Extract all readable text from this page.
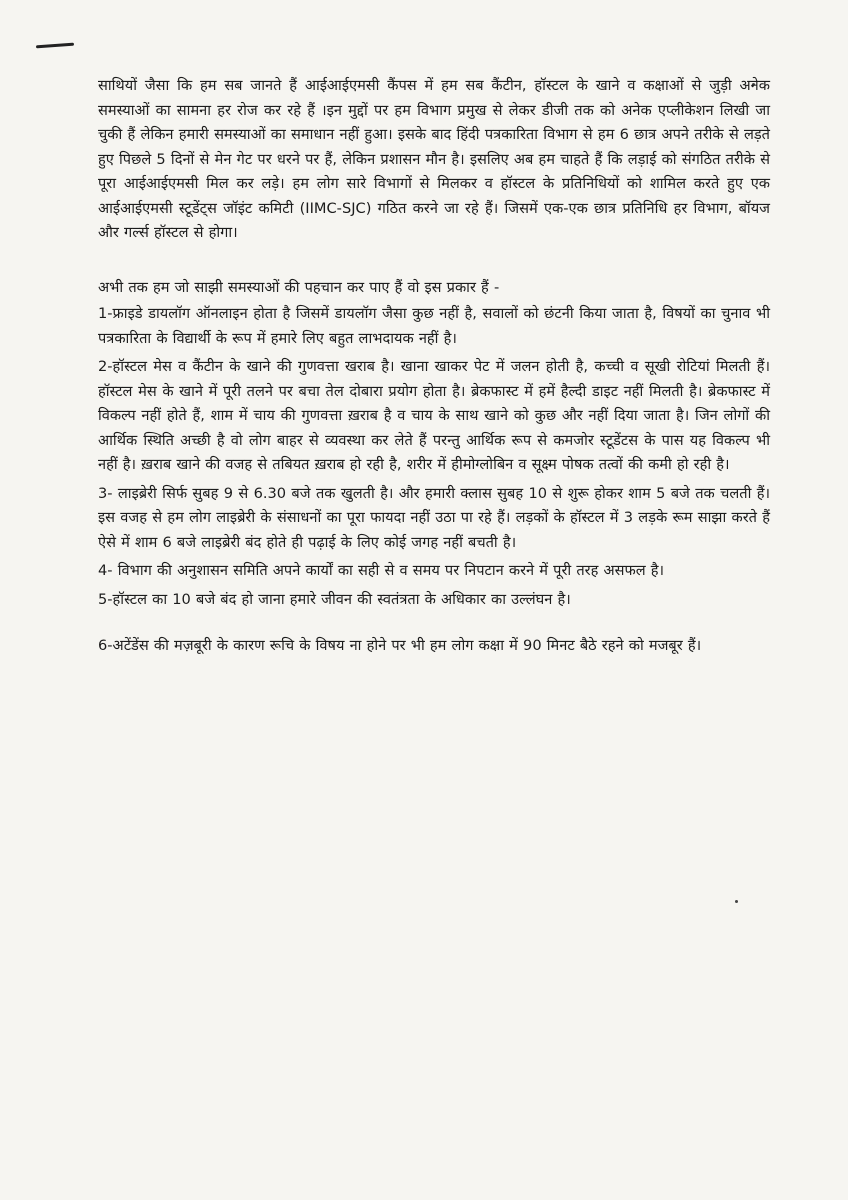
साथियों जैसा कि हम सब जानते हैं आईआईएमसी कैंपस में हम सब कैंटीन, हॉस्टल के खाने व कक्षाओं से जुड़ी अनेक समस्याओं का सामना हर रोज कर रहे हैं ।इन मुद्दों पर हम विभाग प्रमुख से लेकर डीजी तक को अनेक एप्लीकेशन लिखी जा चुकी हैं लेकिन हमारी समस्याओं का समाधान नहीं हुआ। इसके बाद हिंदी पत्रकारिता विभाग से हम 6 छात्र अपने तरीके से लड़ते हुए पिछले 5 दिनों से मेन गेट पर धरने पर हैं, लेकिन प्रशासन मौन है। इसलिए अब हम चाहते हैं कि लड़ाई को संगठित तरीके से पूरा आईआईएमसी मिल कर लड़े। हम लोग सारे विभागों से मिलकर व हॉस्टल के प्रतिनिधियों को शामिल करते हुए एक आईआईएमसी स्टूडेंट्स जॉइंट कमिटी (IIMC-SJC) गठित करने जा रहे हैं। जिसमें एक-एक छात्र प्रतिनिधि हर विभाग, बॉयज और गर्ल्स हॉस्टल से होगा।

अभी तक हम जो साझी समस्याओं की पहचान कर पाए हैं वो इस प्रकार हैं -

1-फ्राइडे डायलॉग ऑनलाइन होता है जिसमें डायलॉग जैसा कुछ नहीं है, सवालों को छंटनी किया जाता है, विषयों का चुनाव भी पत्रकारिता के विद्यार्थी के रूप में हमारे लिए बहुत लाभदायक नहीं है।

2-हॉस्टल मेस व कैंटीन के खाने की गुणवत्ता खराब है। खाना खाकर पेट में जलन होती है, कच्ची व सूखी रोटियां मिलती हैं। हॉस्टल मेस के खाने में पूरी तलने पर बचा तेल दोबारा प्रयोग होता है। ब्रेकफास्ट में हमें हैल्दी डाइट नहीं मिलती है। ब्रेकफास्ट में विकल्प नहीं होते हैं, शाम में चाय की गुणवत्ता ख़राब है व चाय के साथ खाने को कुछ और नहीं दिया जाता है। जिन लोगों की आर्थिक स्थिति अच्छी है वो लोग बाहर से व्यवस्था कर लेते हैं परन्तु आर्थिक रूप से कमजोर स्टूडेंटस के पास यह विकल्प भी नहीं है। ख़राब खाने की वजह से तबियत ख़राब हो रही है, शरीर में हीमोग्लोबिन व सूक्ष्म पोषक तत्वों की कमी हो रही है।

3- लाइब्रेरी सिर्फ सुबह 9 से 6.30 बजे तक खुलती है। और हमारी क्लास सुबह 10 से शुरू होकर शाम 5 बजे तक चलती हैं। इस वजह से हम लोग लाइब्रेरी के संसाधनों का पूरा फायदा नहीं उठा पा रहे हैं। लड़कों के हॉस्टल में 3 लड़के रूम साझा करते हैं ऐसे में शाम 6 बजे लाइब्रेरी बंद होते ही पढ़ाई के लिए कोई जगह नहीं बचती है।

4- विभाग की अनुशासन समिति अपने कार्यों का सही से व समय पर निपटान करने में पूरी तरह असफल है।

5-हॉस्टल का 10 बजे बंद हो जाना हमारे जीवन की स्वतंत्रता के अधिकार का उल्लंघन है।

6-अटेंडेंस की मज़बूरी के कारण रूचि के विषय ना होने पर भी हम लोग कक्षा में 90 मिनट बैठे रहने को मजबूर हैं।
